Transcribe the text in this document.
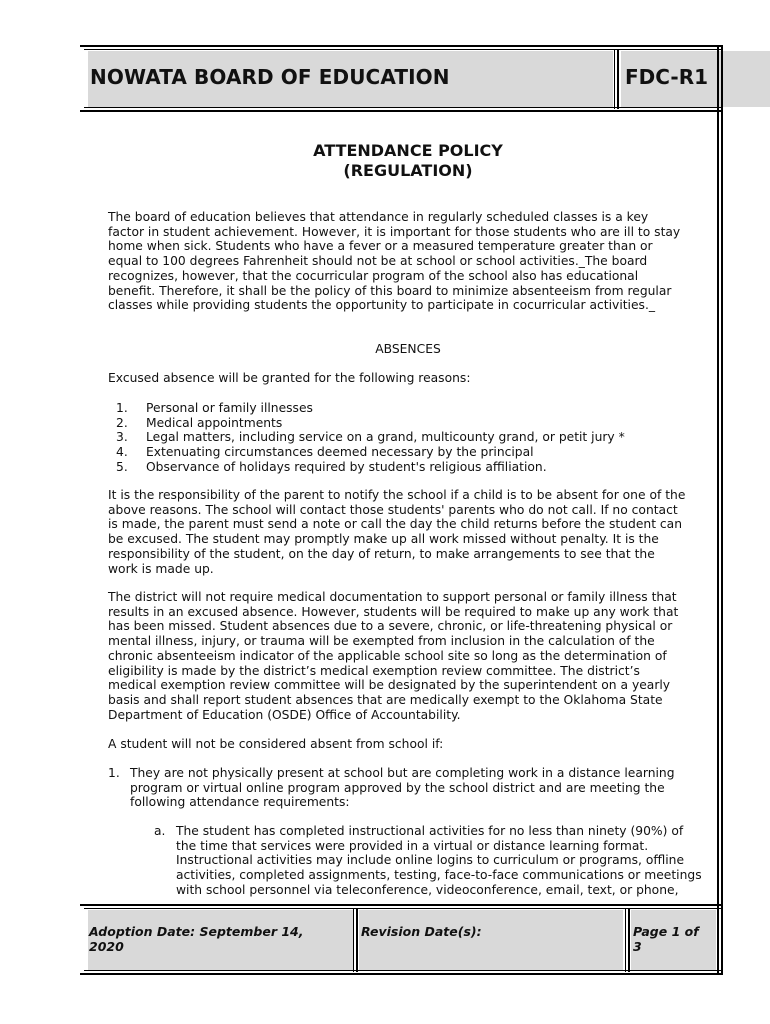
NOWATA BOARD OF EDUCATION	FDC-R1
ATTENDANCE POLICY
(REGULATION)
The board of education believes that attendance in regularly scheduled classes is a key
factor in student achievement. However, it is important for those students who are ill to stay
home when sick. Students who have a fever or a measured temperature greater than or
equal to 100 degrees Fahrenheit should not be at school or school activities._The board
recognizes, however, that the cocurricular program of the school also has educational
benefit. Therefore, it shall be the policy of this board to minimize absenteeism from regular
classes while providing students the opportunity to participate in cocurricular activities._
ABSENCES
Excused absence will be granted for the following reasons:
1. Personal or family illnesses
2. Medical appointments
3. Legal matters, including service on a grand, multicounty grand, or petit jury *
4. Extenuating circumstances deemed necessary by the principal
5. Observance of holidays required by student's religious affiliation.
It is the responsibility of the parent to notify the school if a child is to be absent for one of the
above reasons. The school will contact those students' parents who do not call. If no contact
is made, the parent must send a note or call the day the child returns before the student can
be excused. The student may promptly make up all work missed without penalty. It is the
responsibility of the student, on the day of return, to make arrangements to see that the
work is made up.
The district will not require medical documentation to support personal or family illness that
results in an excused absence. However, students will be required to make up any work that
has been missed. Student absences due to a severe, chronic, or life-threatening physical or
mental illness, injury, or trauma will be exempted from inclusion in the calculation of the
chronic absenteeism indicator of the applicable school site so long as the determination of
eligibility is made by the district’s medical exemption review committee. The district’s
medical exemption review committee will be designated by the superintendent on a yearly
basis and shall report student absences that are medically exempt to the Oklahoma State
Department of Education (OSDE) Office of Accountability.
A student will not be considered absent from school if:
1. They are not physically present at school but are completing work in a distance learning
program or virtual online program approved by the school district and are meeting the
following attendance requirements:
a. The student has completed instructional activities for no less than ninety (90%) of
the time that services were provided in a virtual or distance learning format.
Instructional activities may include online logins to curriculum or programs, offline
activities, completed assignments, testing, face-to-face communications or meetings
with school personnel via teleconference, videoconference, email, text, or phone,
Adoption Date: September 14,
2020
Revision Date(s):	Page 1 of
3
